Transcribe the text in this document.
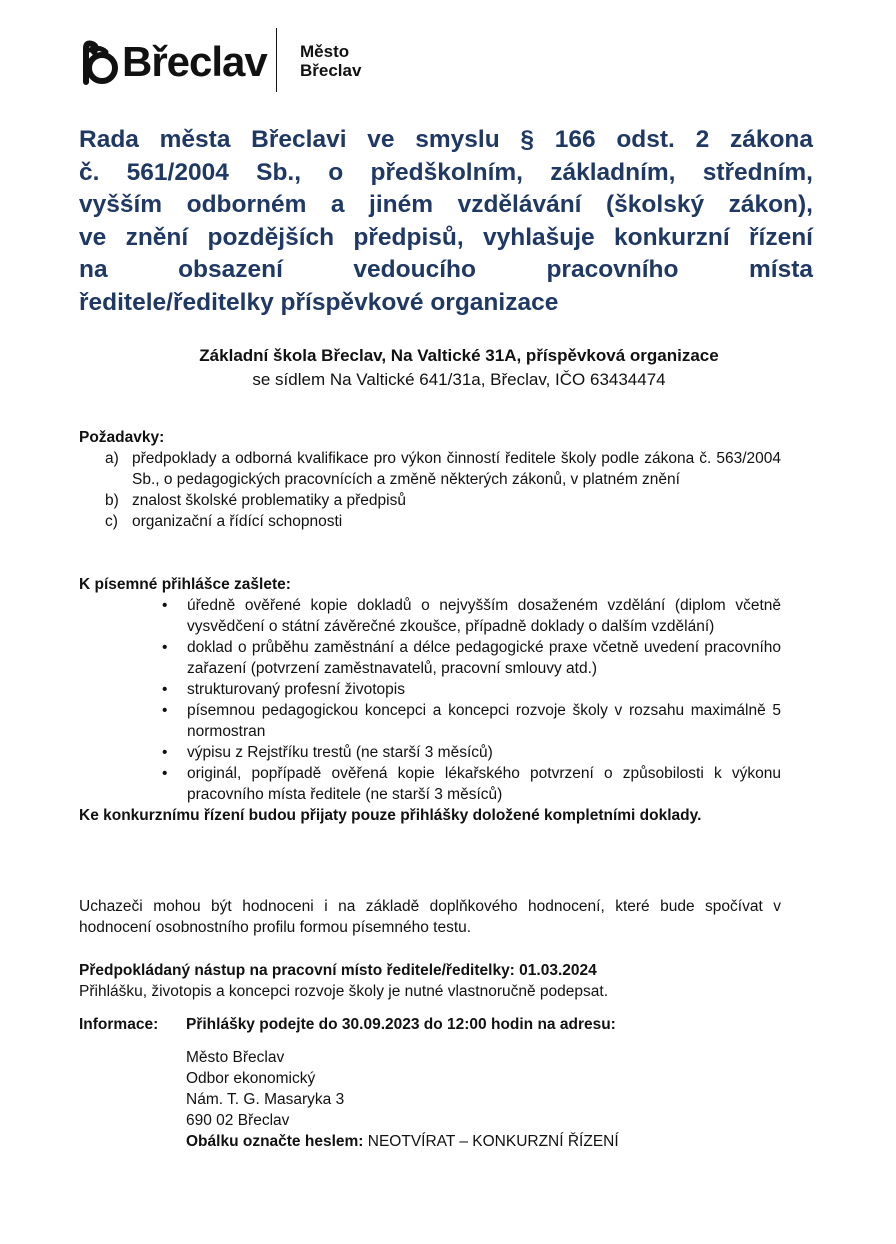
Břeclav Město
Břeclav
Rada města Břeclavi ve smyslu § 166 odst. 2 zákona
č. 561/2004 Sb., o předškolním, základním, středním,
vyšším odborném a jiném vzdělávání (školský zákon),
ve znění pozdějších předpisů, vyhlašuje konkurzní řízení
na obsazení vedoucího pracovního místa
ředitele/ředitelky příspěvkové organizace
Základní škola Břeclav, Na Valtické 31A, příspěvková organizace
se sídlem Na Valtické 641/31a, Břeclav, IČO 63434474
Požadavky:
a) předpoklady a odborná kvalifikace pro výkon činností ředitele školy podle zákona č. 563/2004 Sb., o pedagogických pracovnících a změně některých zákonů, v platném znění
b) znalost školské problematiky a předpisů
c) organizační a řídící schopnosti
K písemné přihlášce zašlete:
• úředně ověřené kopie dokladů o nejvyšším dosaženém vzdělání (diplom včetně vysvědčení o státní závěrečné zkoušce, případně doklady o dalším vzdělání)
• doklad o průběhu zaměstnání a délce pedagogické praxe včetně uvedení pracovního zařazení (potvrzení zaměstnavatelů, pracovní smlouvy atd.)
• strukturovaný profesní životopis
• písemnou pedagogickou koncepci a koncepci rozvoje školy v rozsahu maximálně 5 normostran
• výpisu z Rejstříku trestů (ne starší 3 měsíců)
• originál, popřípadě ověřená kopie lékařského potvrzení o způsobilosti k výkonu pracovního místa ředitele (ne starší 3 měsíců)
Ke konkurznímu řízení budou přijaty pouze přihlášky doložené kompletními doklady.
Uchazeči mohou být hodnoceni i na základě doplňkového hodnocení, které bude spočívat v hodnocení osobnostního profilu formou písemného testu.
Předpokládaný nástup na pracovní místo ředitele/ředitelky: 01.03.2024
Přihlášku, životopis a koncepci rozvoje školy je nutné vlastnoručně podepsat.
Informace: Přihlášky podejte do 30.09.2023 do 12:00 hodin na adresu:
Město Břeclav
Odbor ekonomický
Nám. T. G. Masaryka 3
690 02 Břeclav
Obálku označte heslem: NEOTVÍRAT – KONKURZNÍ ŘÍZENÍ
